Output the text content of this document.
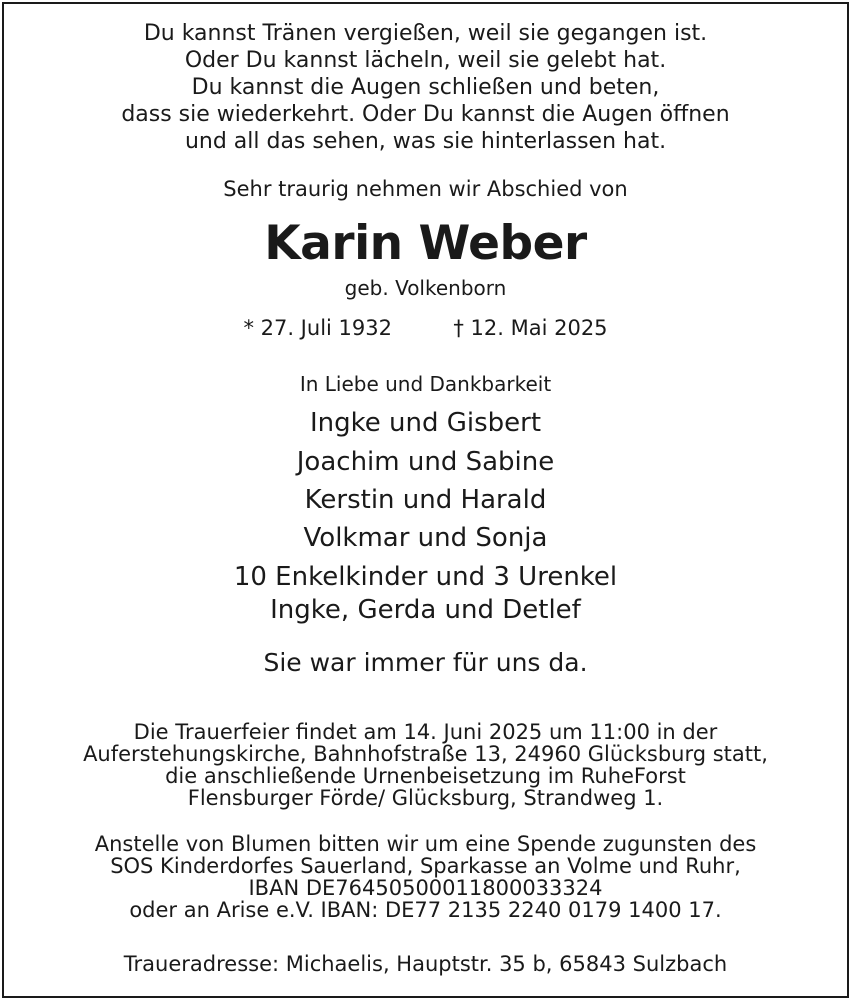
Du kannst Tränen vergießen, weil sie gegangen ist.
Oder Du kannst lächeln, weil sie gelebt hat.
Du kannst die Augen schließen und beten,
dass sie wiederkehrt. Oder Du kannst die Augen öffnen
und all das sehen, was sie hinterlassen hat.
Sehr traurig nehmen wir Abschied von
Karin Weber
geb. Volkenborn
* 27. Juli 1932	† 12. Mai 2025
In Liebe und Dankbarkeit
Ingke und Gisbert
Joachim und Sabine
Kerstin und Harald
Volkmar und Sonja
10 Enkelkinder und 3 Urenkel
Ingke, Gerda und Detlef
Sie war immer für uns da.
Die Trauerfeier findet am 14. Juni 2025 um 11:00 in der
Auferstehungskirche, Bahnhofstraße 13, 24960 Glücksburg statt,
die anschließende Urnenbeisetzung im RuheForst
Flensburger Förde/ Glücksburg, Strandweg 1.
Anstelle von Blumen bitten wir um eine Spende zugunsten des
SOS Kinderdorfes Sauerland, Sparkasse an Volme und Ruhr,
IBAN DE76450500011800033324
oder an Arise e.V. IBAN: DE77 2135 2240 0179 1400 17.
Traueradresse: Michaelis, Hauptstr. 35 b, 65843 Sulzbach
